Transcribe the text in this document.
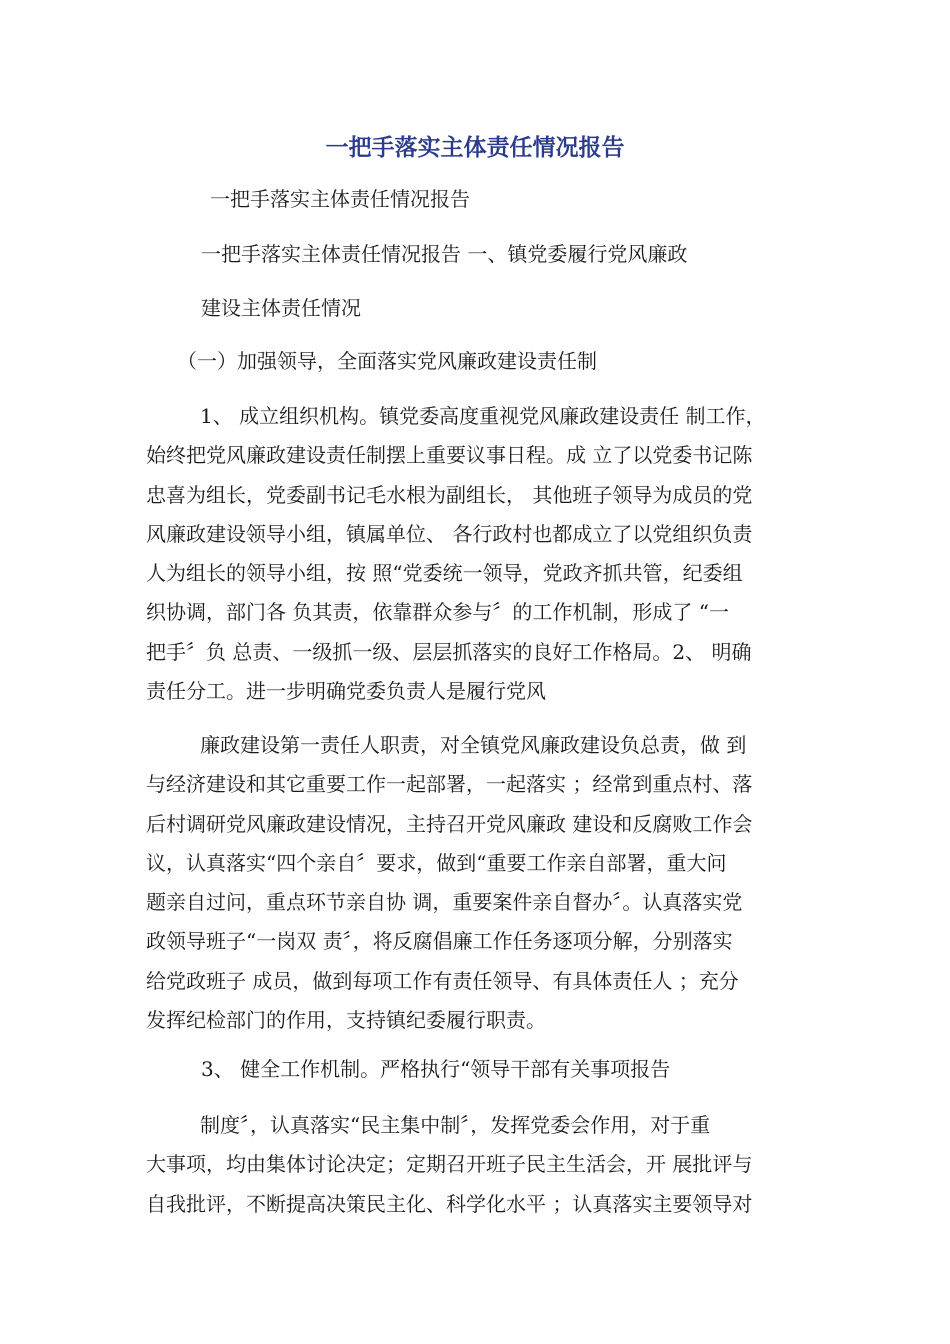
一把手落实主体责任情况报告
一把手落实主体责任情况报告
一把手落实主体责任情况报告 一、镇党委履行党风廉政
建设主体责任情况
（一）加强领导，全面落实党风廉政建设责任制
1、 成立组织机构。镇党委高度重视党风廉政建设责任 制工作，
始终把党风廉政建设责任制摆上重要议事日程。成 立了以党委书记陈
忠喜为组长，党委副书记毛水根为副组长， 其他班子领导为成员的党
风廉政建设领导小组，镇属单位、 各行政村也都成立了以党组织负责
人为组长的领导小组，按 照“党委统一领导，党政齐抓共管，纪委组
织协调，部门各 负其责，依靠群众参与〞的工作机制，形成了 “一
把手〞负 总责、一级抓一级、层层抓落实的良好工作格局。2、 明确
责任分工。进一步明确党委负责人是履行党风
廉政建设第一责任人职责，对全镇党风廉政建设负总责，做 到
与经济建设和其它重要工作一起部署，一起落实 ；经常到重点村、落
后村调研党风廉政建设情况，主持召开党风廉政 建设和反腐败工作会
议，认真落实“四个亲自〞要求，做到“重要工作亲自部署，重大问
题亲自过问，重点环节亲自协 调，重要案件亲自督办〞。认真落实党
政领导班子“一岗双 责〞，将反腐倡廉工作任务逐项分解，分别落实
给党政班子 成员，做到每项工作有责任领导、有具体责任人 ；充分
发挥纪检部门的作用，支持镇纪委履行职责。
3、 健全工作机制。严格执行“领导干部有关事项报告
制度〞，认真落实“民主集中制〞，发挥党委会作用，对于重
大事项，均由集体讨论决定；定期召开班子民主生活会，开 展批评与
自我批评，不断提高决策民主化、科学化水平 ；认真落实主要领导对
